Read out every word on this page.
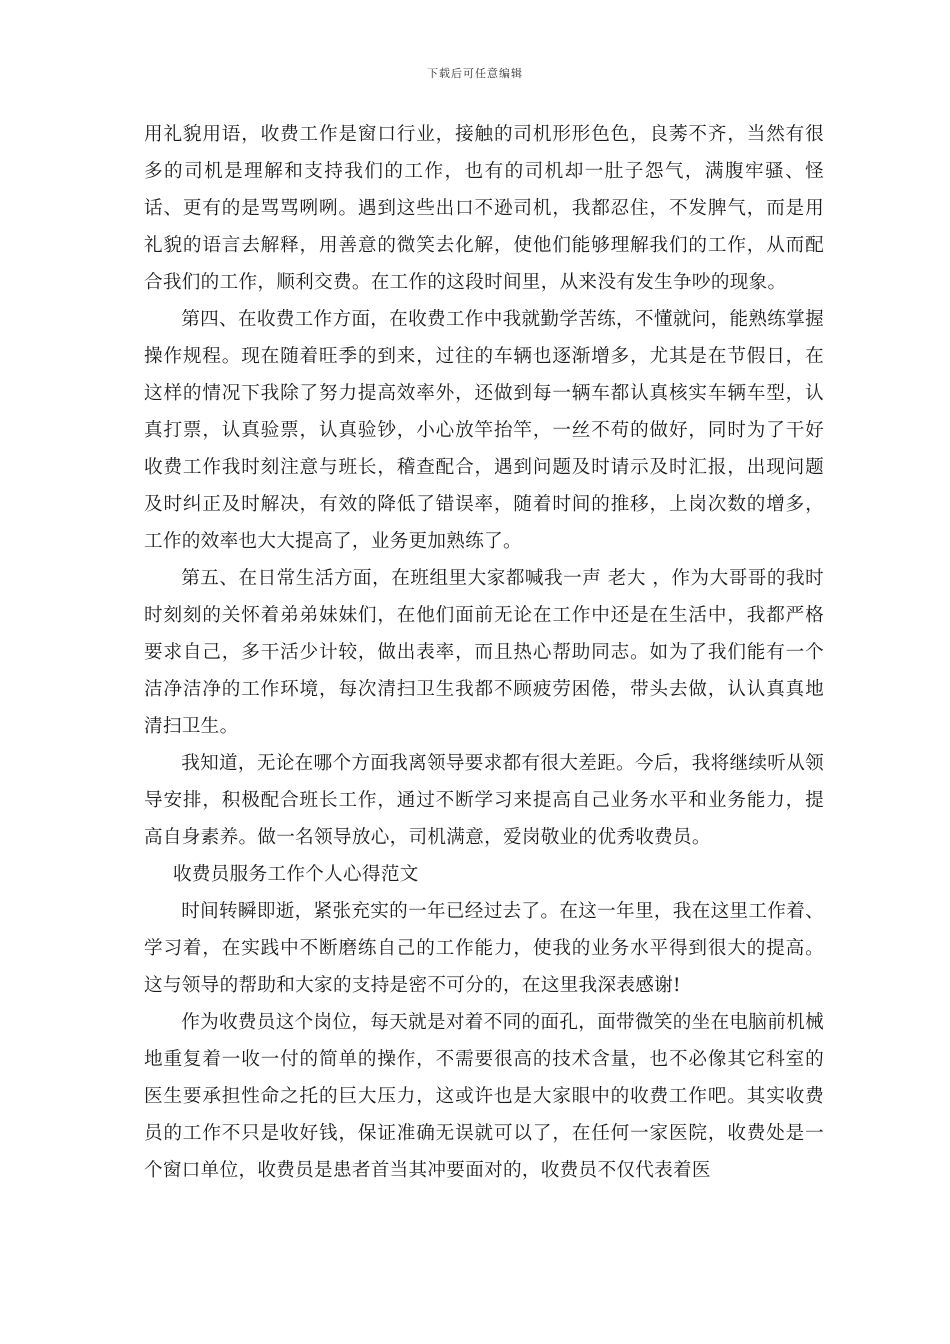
下载后可任意编辑

用礼貌用语，收费工作是窗口行业，接触的司机形形色色，良莠不齐，当然有很多的司机是理解和支持我们的工作，也有的司机却一肚子怨气，满腹牢骚、怪话、更有的是骂骂咧咧。遇到这些出口不逊司机，我都忍住，不发脾气，而是用礼貌的语言去解释，用善意的微笑去化解，使他们能够理解我们的工作，从而配合我们的工作，顺利交费。在工作的这段时间里，从来没有发生争吵的现象。

第四、在收费工作方面，在收费工作中我就勤学苦练，不懂就问，能熟练掌握操作规程。现在随着旺季的到来，过往的车辆也逐渐增多，尤其是在节假日，在这样的情况下我除了努力提高效率外，还做到每一辆车都认真核实车辆车型，认真打票，认真验票，认真验钞，小心放竿抬竿，一丝不苟的做好，同时为了干好收费工作我时刻注意与班长，稽查配合，遇到问题及时请示及时汇报，出现问题及时纠正及时解决，有效的降低了错误率，随着时间的推移，上岗次数的增多，工作的效率也大大提高了，业务更加熟练了。

第五、在日常生活方面，在班组里大家都喊我一声 老大 ，作为大哥哥的我时时刻刻的关怀着弟弟妹妹们，在他们面前无论在工作中还是在生活中，我都严格要求自己，多干活少计较，做出表率，而且热心帮助同志。如为了我们能有一个洁净洁净的工作环境，每次清扫卫生我都不顾疲劳困倦，带头去做，认认真真地清扫卫生。

我知道，无论在哪个方面我离领导要求都有很大差距。今后，我将继续听从领导安排，积极配合班长工作，通过不断学习来提高自己业务水平和业务能力，提高自身素养。做一名领导放心，司机满意，爱岗敬业的优秀收费员。

收费员服务工作个人心得范文

时间转瞬即逝，紧张充实的一年已经过去了。在这一年里，我在这里工作着、学习着，在实践中不断磨练自己的工作能力，使我的业务水平得到很大的提高。这与领导的帮助和大家的支持是密不可分的，在这里我深表感谢!

作为收费员这个岗位，每天就是对着不同的面孔，面带微笑的坐在电脑前机械地重复着一收一付的简单的操作，不需要很高的技术含量，也不必像其它科室的医生要承担性命之托的巨大压力，这或许也是大家眼中的收费工作吧。其实收费员的工作不只是收好钱，保证准确无误就可以了，在任何一家医院，收费处是一个窗口单位，收费员是患者首当其冲要面对的，收费员不仅代表着医
